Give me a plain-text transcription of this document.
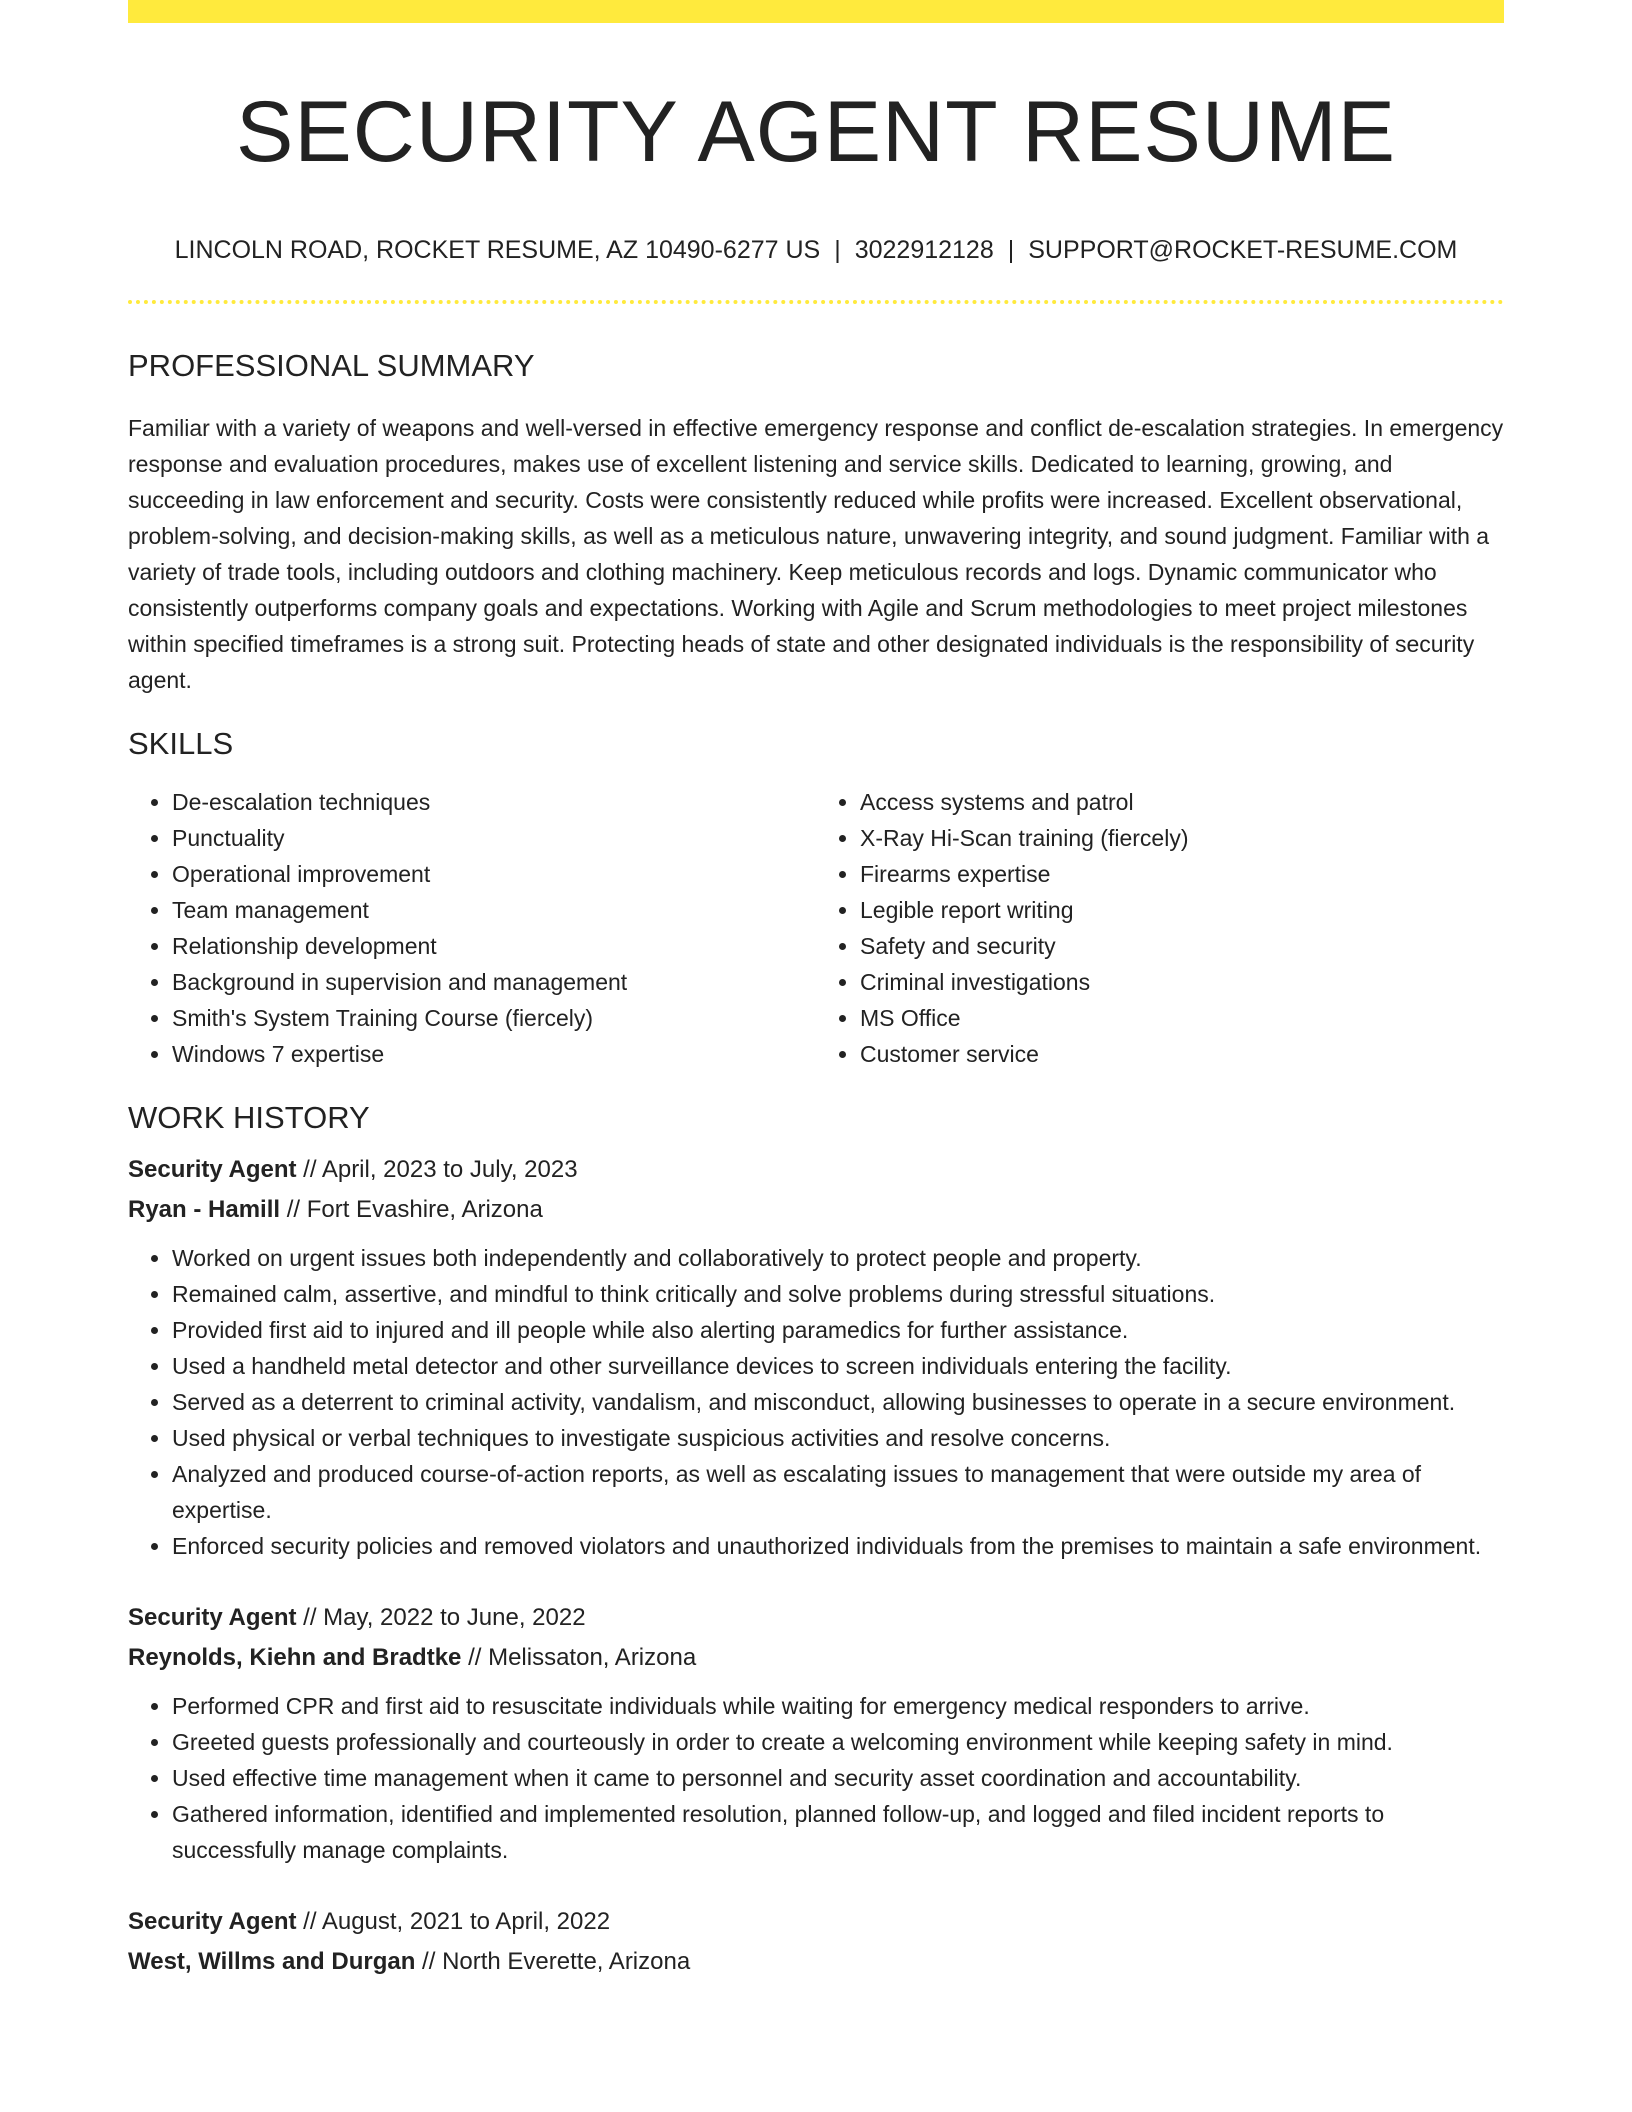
SECURITY AGENT RESUME
LINCOLN ROAD, ROCKET RESUME, AZ 10490-6277 US | 3022912128 | SUPPORT@ROCKET-RESUME.COM
PROFESSIONAL SUMMARY
Familiar with a variety of weapons and well-versed in effective emergency response and conflict de-escalation strategies. In emergency response and evaluation procedures, makes use of excellent listening and service skills. Dedicated to learning, growing, and succeeding in law enforcement and security. Costs were consistently reduced while profits were increased. Excellent observational, problem-solving, and decision-making skills, as well as a meticulous nature, unwavering integrity, and sound judgment. Familiar with a variety of trade tools, including outdoors and clothing machinery. Keep meticulous records and logs. Dynamic communicator who consistently outperforms company goals and expectations. Working with Agile and Scrum methodologies to meet project milestones within specified timeframes is a strong suit. Protecting heads of state and other designated individuals is the responsibility of security agent.
SKILLS
• De-escalation techniques
• Punctuality
• Operational improvement
• Team management
• Relationship development
• Background in supervision and management
• Smith's System Training Course (fiercely)
• Windows 7 expertise
• Access systems and patrol
• X-Ray Hi-Scan training (fiercely)
• Firearms expertise
• Legible report writing
• Safety and security
• Criminal investigations
• MS Office
• Customer service
WORK HISTORY
Security Agent // April, 2023 to July, 2023
Ryan - Hamill // Fort Evashire, Arizona
• Worked on urgent issues both independently and collaboratively to protect people and property.
• Remained calm, assertive, and mindful to think critically and solve problems during stressful situations.
• Provided first aid to injured and ill people while also alerting paramedics for further assistance.
• Used a handheld metal detector and other surveillance devices to screen individuals entering the facility.
• Served as a deterrent to criminal activity, vandalism, and misconduct, allowing businesses to operate in a secure environment.
• Used physical or verbal techniques to investigate suspicious activities and resolve concerns.
• Analyzed and produced course-of-action reports, as well as escalating issues to management that were outside my area of expertise.
• Enforced security policies and removed violators and unauthorized individuals from the premises to maintain a safe environment.
Security Agent // May, 2022 to June, 2022
Reynolds, Kiehn and Bradtke // Melissaton, Arizona
• Performed CPR and first aid to resuscitate individuals while waiting for emergency medical responders to arrive.
• Greeted guests professionally and courteously in order to create a welcoming environment while keeping safety in mind.
• Used effective time management when it came to personnel and security asset coordination and accountability.
• Gathered information, identified and implemented resolution, planned follow-up, and logged and filed incident reports to successfully manage complaints.
Security Agent // August, 2021 to April, 2022
West, Willms and Durgan // North Everette, Arizona
